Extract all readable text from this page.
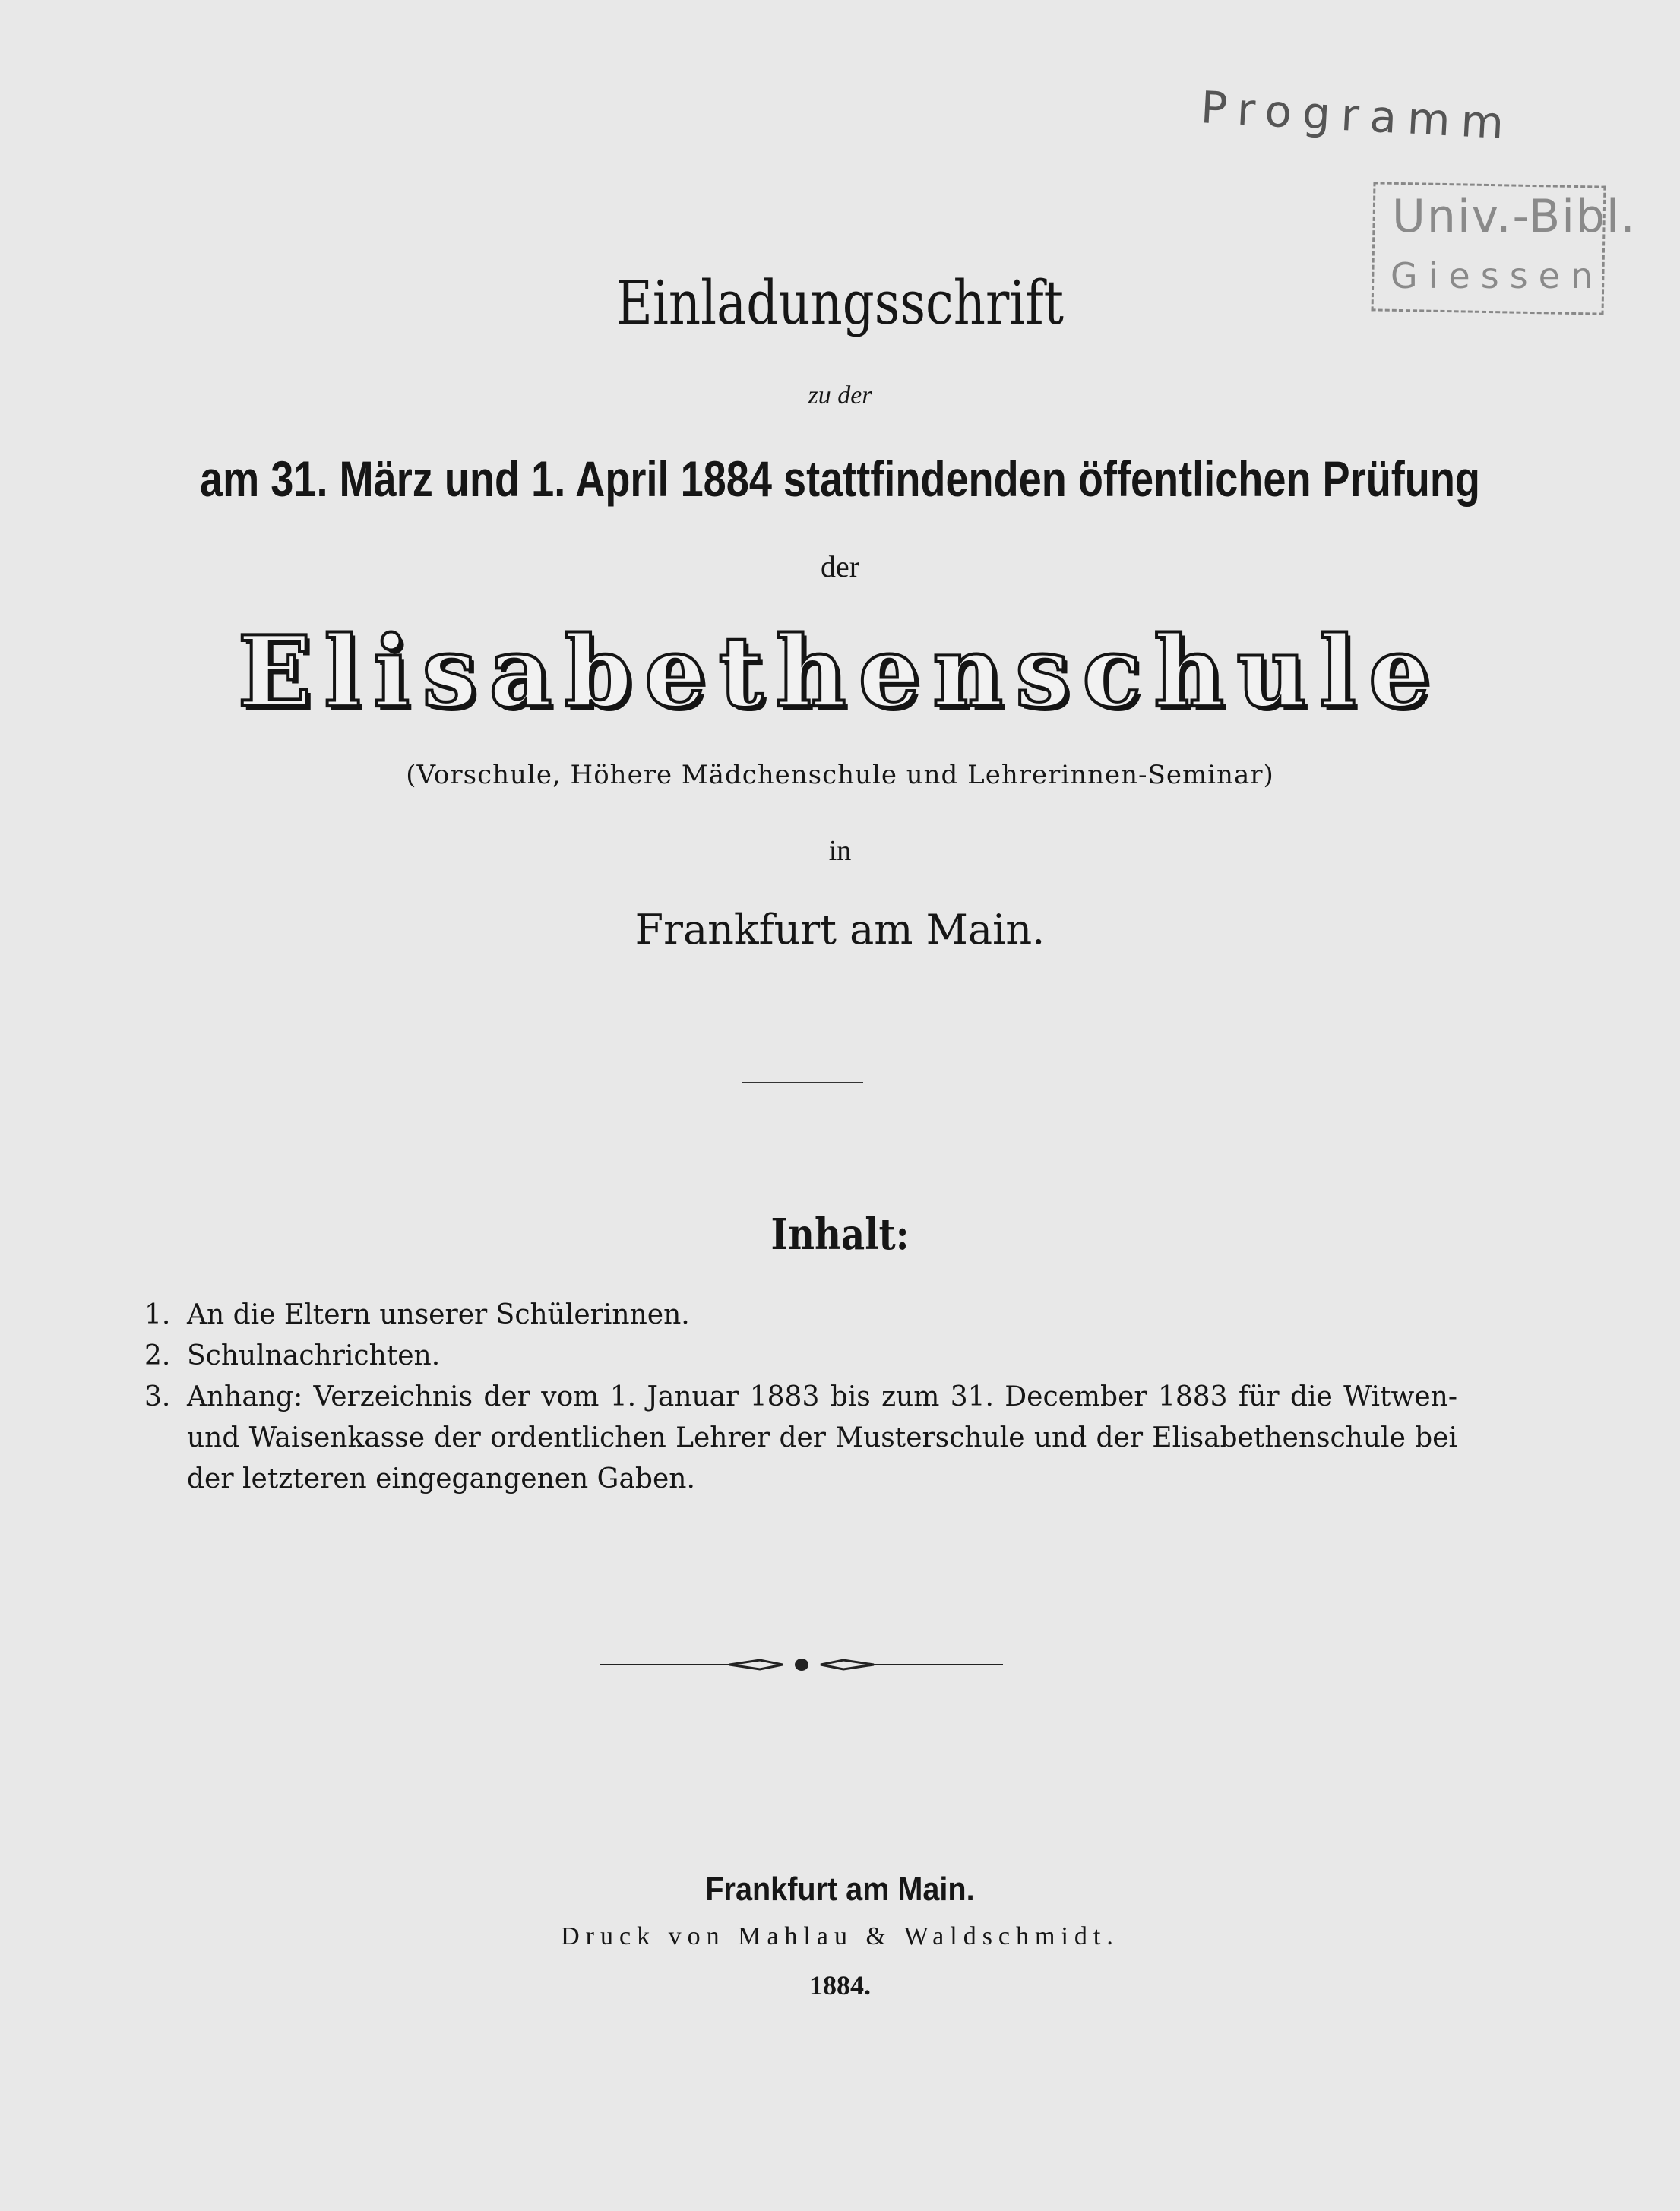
Programm
Univ.-Bibl.
Giessen
Einladungsschrift
zu der
am 31. März und 1. April 1884 stattfindenden öffentlichen Prüfung
der
Elisabethenschule
(Vorschule, Höhere Mädchenschule und Lehrerinnen-Seminar)
in
Frankfurt am Main.
Inhalt:
1. An die Eltern unserer Schülerinnen.
2. Schulnachrichten.
3. Anhang: Verzeichnis der vom 1. Januar 1883 bis zum 31. December 1883 für die Witwen- und Waisenkasse der ordentlichen Lehrer der Musterschule und der Elisabethenschule bei der letzteren eingegangenen Gaben.
Frankfurt am Main.
Druck von Mahlau & Waldschmidt.
1884.
